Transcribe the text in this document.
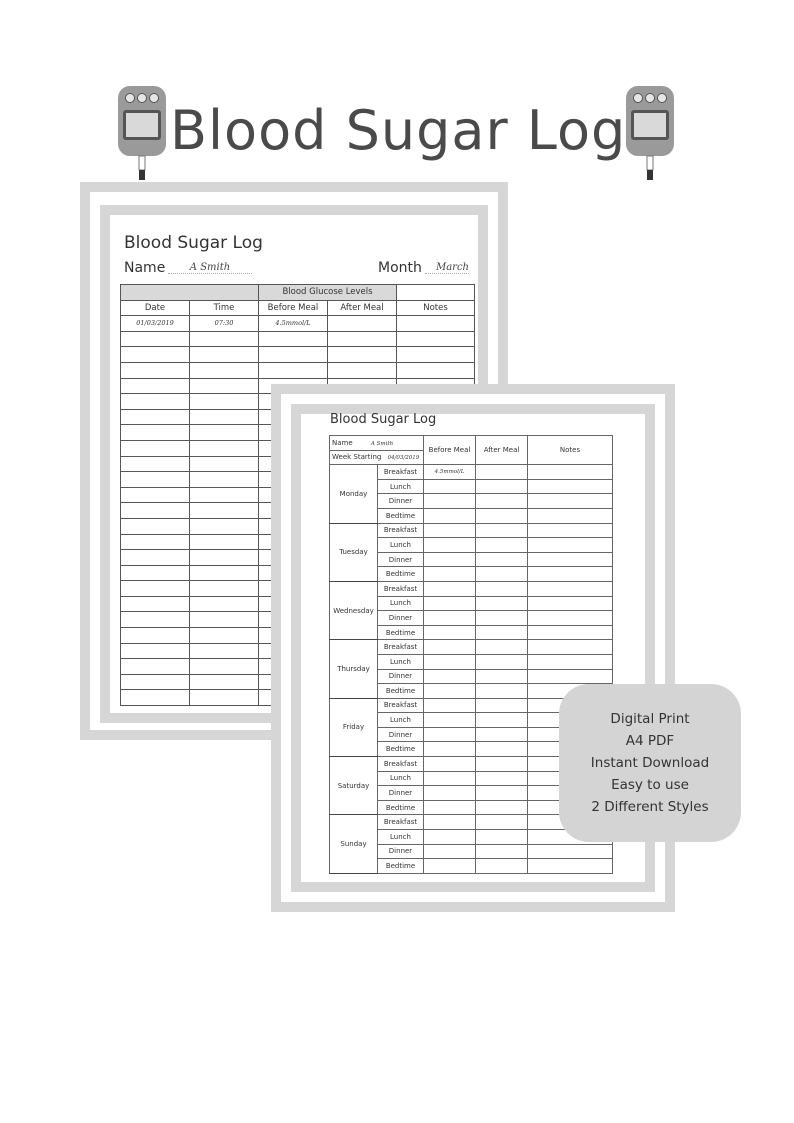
Blood Sugar Log
Blood Sugar Log
Name	A Smith	Month	March
		Blood Glucose Levels		
Date	Time	Before Meal	After Meal	Notes
01/03/2019	07:30	4.5mmol/L		

Blood Sugar Log
Name A Smith		Before Meal	After Meal	Notes
Week Starting 04/03/2019				
Monday	Breakfast	4.5mmol/L		
	Lunch			
	Dinner			
	Bedtime			
Tuesday	Breakfast			
	Lunch			
	Dinner			
	Bedtime			
Wednesday	Breakfast			
	Lunch			
	Dinner			
	Bedtime			
Thursday	Breakfast			
	Lunch			
	Dinner			
	Bedtime			
Friday	Breakfast			
	Lunch			
	Dinner			
	Bedtime			
Saturday	Breakfast			
	Lunch			
	Dinner			
	Bedtime			
Sunday	Breakfast			
	Lunch			
	Dinner			
	Bedtime			
Digital Print
A4 PDF
Instant Download
Easy to use
2 Different Styles
